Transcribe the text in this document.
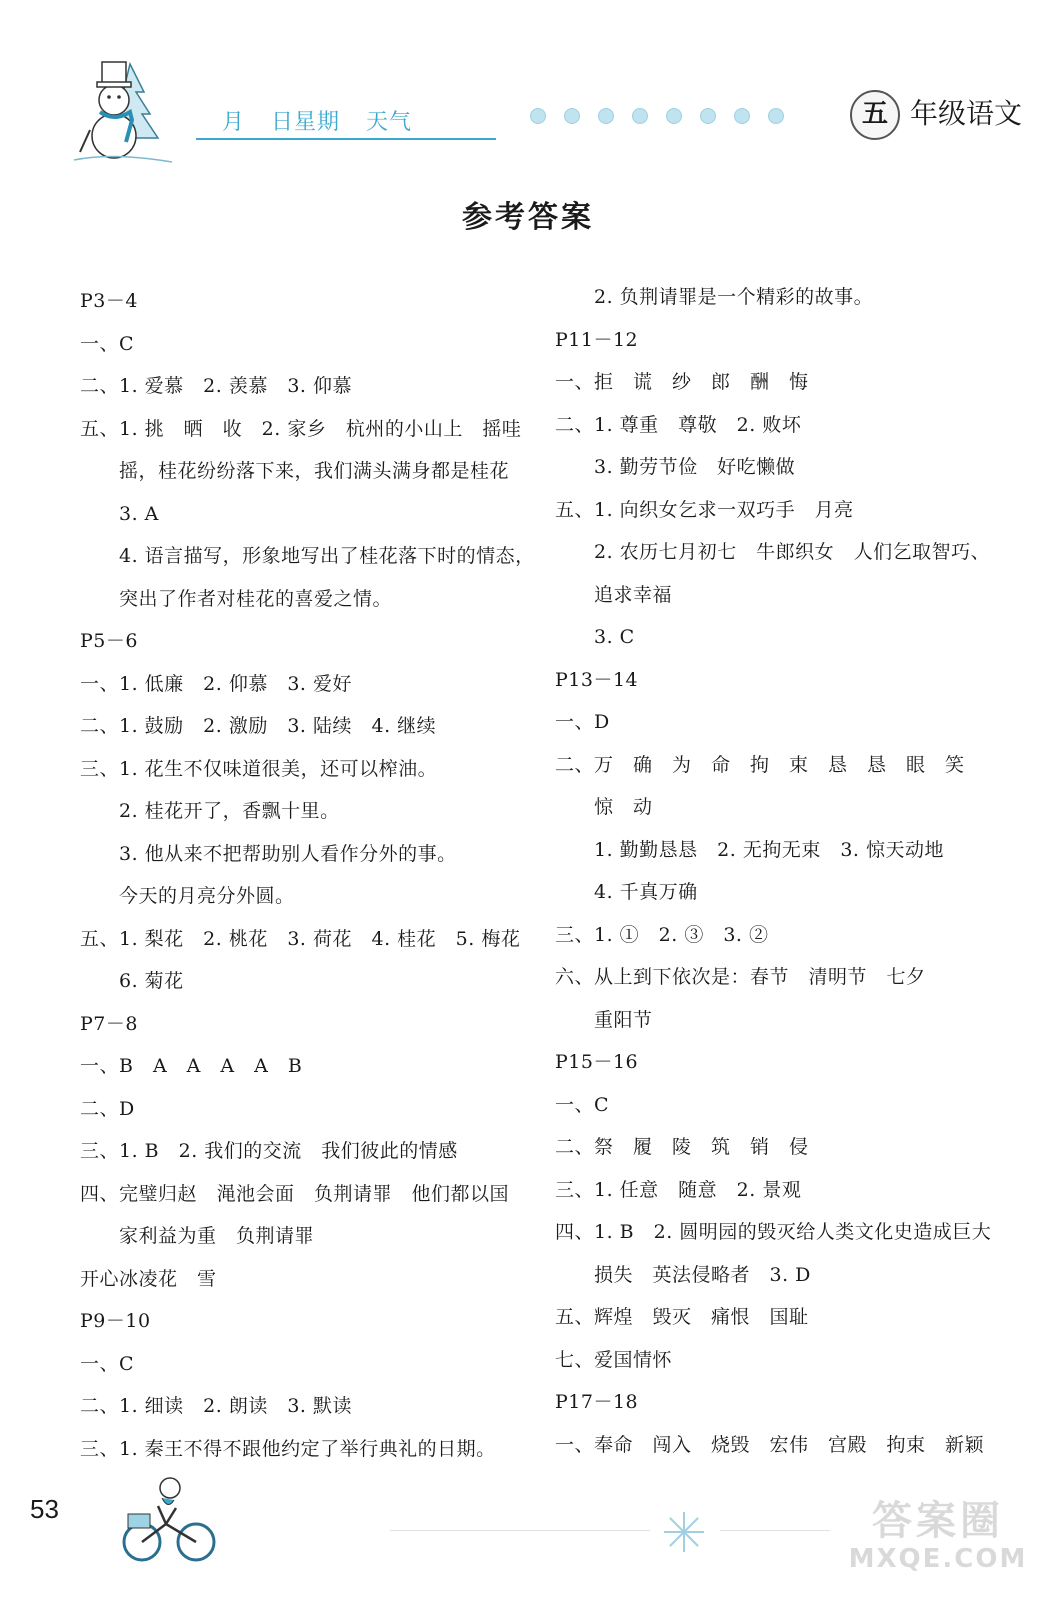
月 日星期 天气	五 年级语文
参考答案
P3－4
一、C
二、1. 爱慕　2. 羡慕　3. 仰慕
五、1. 挑　晒　收　2. 家乡　杭州的小山上　摇哇
　　摇，桂花纷纷落下来，我们满头满身都是桂花
　　3. A
　　4. 语言描写，形象地写出了桂花落下时的情态，
　　突出了作者对桂花的喜爱之情。
P5－6
一、1. 低廉　2. 仰慕　3. 爱好
二、1. 鼓励　2. 激励　3. 陆续　4. 继续
三、1. 花生不仅味道很美，还可以榨油。
　　2. 桂花开了，香飘十里。
　　3. 他从来不把帮助别人看作分外的事。
　　今天的月亮分外圆。
五、1. 梨花　2. 桃花　3. 荷花　4. 桂花　5. 梅花
　　6. 菊花
P7－8
一、B　A　A　A　A　B
二、D
三、1. B　2. 我们的交流　我们彼此的情感
四、完璧归赵　渑池会面　负荆请罪　他们都以国
　　家利益为重　负荆请罪
开心冰凌花　雪
P9－10
一、C
二、1. 细读　2. 朗读　3. 默读
三、1. 秦王不得不跟他约定了举行典礼的日期。
　　2. 负荆请罪是一个精彩的故事。
P11－12
一、拒　谎　纱　郎　酬　悔
二、1. 尊重　尊敬　2. 败坏
　　3. 勤劳节俭　好吃懒做
五、1. 向织女乞求一双巧手　月亮
　　2. 农历七月初七　牛郎织女　人们乞取智巧、
　　追求幸福
　　3. C
P13－14
一、D
二、万　确　为　命　拘　束　恳　恳　眼　笑
　　惊　动
　　1. 勤勤恳恳　2. 无拘无束　3. 惊天动地
　　4. 千真万确
三、1. ①　2. ③　3. ②
六、从上到下依次是：春节　清明节　七夕
　　重阳节
P15－16
一、C
二、祭　履　陵　筑　销　侵
三、1. 任意　随意　2. 景观
四、1. B　2. 圆明园的毁灭给人类文化史造成巨大
　　损失　英法侵略者　3. D
五、辉煌　毁灭　痛恨　国耻
七、爱国情怀
P17－18
一、奉命　闯入　烧毁　宏伟　宫殿　拘束　新颖
53	答案圈
MXQE.COM
